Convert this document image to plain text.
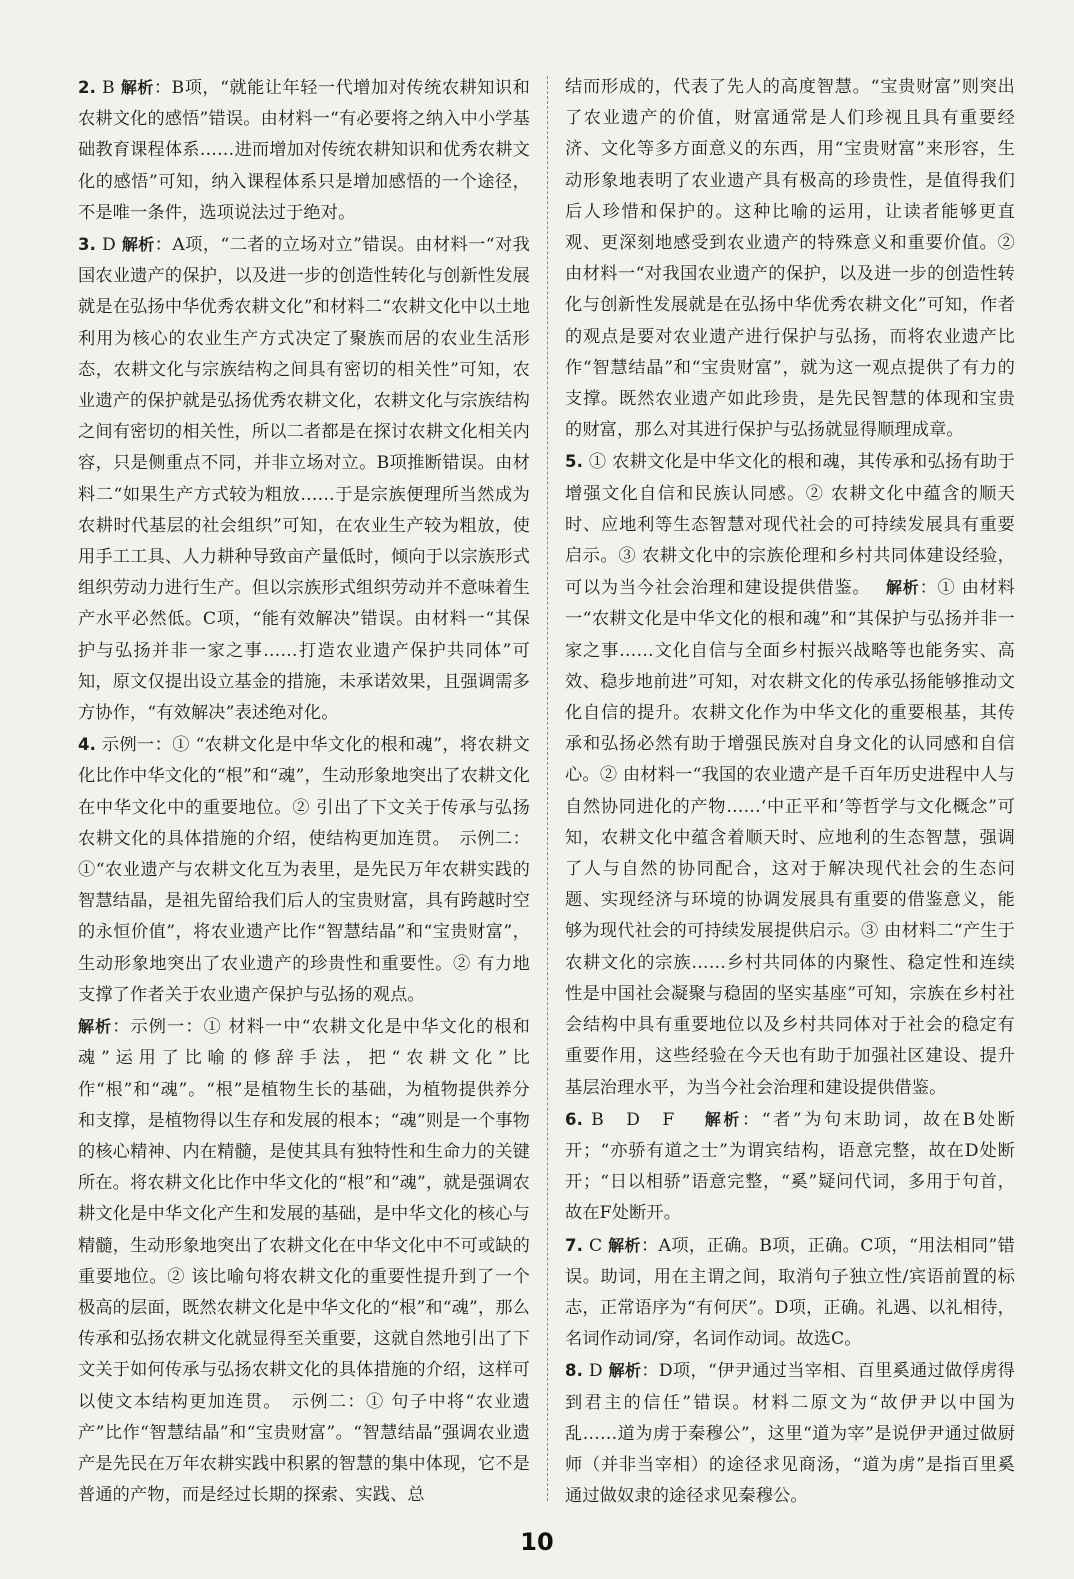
2. B 解析：B项，“就能让年轻一代增加对传统农耕知识和农耕文化的感悟”错误。由材料一“有必要将之纳入中小学基础教育课程体系……进而增加对传统农耕知识和优秀农耕文化的感悟”可知，纳入课程体系只是增加感悟的一个途径，不是唯一条件，选项说法过于绝对。

3. D 解析：A项，“二者的立场对立”错误。由材料一“对我国农业遗产的保护，以及进一步的创造性转化与创新性发展就是在弘扬中华优秀农耕文化”和材料二“农耕文化中以土地利用为核心的农业生产方式决定了聚族而居的农业生活形态，农耕文化与宗族结构之间具有密切的相关性”可知，农业遗产的保护就是弘扬优秀农耕文化，农耕文化与宗族结构之间有密切的相关性，所以二者都是在探讨农耕文化相关内容，只是侧重点不同，并非立场对立。B项推断错误。由材料二“如果生产方式较为粗放……于是宗族便理所当然成为农耕时代基层的社会组织”可知，在农业生产较为粗放，使用手工工具、人力耕种导致亩产量低时，倾向于以宗族形式组织劳动力进行生产。但以宗族形式组织劳动并不意味着生产水平必然低。C项，“能有效解决”错误。由材料一“其保护与弘扬并非一家之事……打造农业遗产保护共同体”可知，原文仅提出设立基金的措施，未承诺效果，且强调需多方协作，“有效解决”表述绝对化。

4. 示例一：① “农耕文化是中华文化的根和魂”，将农耕文化比作中华文化的“根”和“魂”，生动形象地突出了农耕文化在中华文化中的重要地位。② 引出了下文关于传承与弘扬农耕文化的具体措施的介绍，使结构更加连贯。　示例二：①“农业遗产与农耕文化互为表里，是先民万年农耕实践的智慧结晶，是祖先留给我们后人的宝贵财富，具有跨越时空的永恒价值”，将农业遗产比作“智慧结晶”和“宝贵财富”，生动形象地突出了农业遗产的珍贵性和重要性。② 有力地支撑了作者关于农业遗产保护与弘扬的观点。

解析：示例一：① 材料一中“农耕文化是中华文化的根和魂”运用了比喻的修辞手法，把“农耕文化”比作“根”和“魂”。“根”是植物生长的基础，为植物提供养分和支撑，是植物得以生存和发展的根本；“魂”则是一个事物的核心精神、内在精髓，是使其具有独特性和生命力的关键所在。将农耕文化比作中华文化的“根”和“魂”，就是强调农耕文化是中华文化产生和发展的基础，是中华文化的核心与精髓，生动形象地突出了农耕文化在中华文化中不可或缺的重要地位。② 该比喻句将农耕文化的重要性提升到了一个极高的层面，既然农耕文化是中华文化的“根”和“魂”，那么传承和弘扬农耕文化就显得至关重要，这就自然地引出了下文关于如何传承与弘扬农耕文化的具体措施的介绍，这样可以使文本结构更加连贯。　示例二：① 句子中将“农业遗产”比作“智慧结晶”和“宝贵财富”。“智慧结晶”强调农业遗产是先民在万年农耕实践中积累的智慧的集中体现，它不是普通的产物，而是经过长期的探索、实践、总

结而形成的，代表了先人的高度智慧。“宝贵财富”则突出了农业遗产的价值，财富通常是人们珍视且具有重要经济、文化等多方面意义的东西，用“宝贵财富”来形容，生动形象地表明了农业遗产具有极高的珍贵性，是值得我们后人珍惜和保护的。这种比喻的运用，让读者能够更直观、更深刻地感受到农业遗产的特殊意义和重要价值。② 由材料一“对我国农业遗产的保护，以及进一步的创造性转化与创新性发展就是在弘扬中华优秀农耕文化”可知，作者的观点是要对农业遗产进行保护与弘扬，而将农业遗产比作“智慧结晶”和“宝贵财富”，就为这一观点提供了有力的支撑。既然农业遗产如此珍贵，是先民智慧的体现和宝贵的财富，那么对其进行保护与弘扬就显得顺理成章。

5. ① 农耕文化是中华文化的根和魂，其传承和弘扬有助于增强文化自信和民族认同感。② 农耕文化中蕴含的顺天时、应地利等生态智慧对现代社会的可持续发展具有重要启示。③ 农耕文化中的宗族伦理和乡村共同体建设经验，可以为当今社会治理和建设提供借鉴。　 解析：① 由材料一“农耕文化是中华文化的根和魂”和“其保护与弘扬并非一家之事……文化自信与全面乡村振兴战略等也能务实、高效、稳步地前进”可知，对农耕文化的传承弘扬能够推动文化自信的提升。农耕文化作为中华文化的重要根基，其传承和弘扬必然有助于增强民族对自身文化的认同感和自信心。② 由材料一“我国的农业遗产是千百年历史进程中人与自然协同进化的产物……‘中正平和’等哲学与文化概念”可知，农耕文化中蕴含着顺天时、应地利的生态智慧，强调了人与自然的协同配合，这对于解决现代社会的生态问题、实现经济与环境的协调发展具有重要的借鉴意义，能够为现代社会的可持续发展提供启示。③ 由材料二“产生于农耕文化的宗族……乡村共同体的内聚性、稳定性和连续性是中国社会凝聚与稳固的坚实基座”可知，宗族在乡村社会结构中具有重要地位以及乡村共同体对于社会的稳定有重要作用，这些经验在今天也有助于加强社区建设、提升基层治理水平，为当今社会治理和建设提供借鉴。

6. B　D　F　 解析：“者”为句末助词，故在B处断开；“亦骄有道之士”为谓宾结构，语意完整，故在D处断开；“日以相骄”语意完整，“奚”疑问代词，多用于句首，故在F处断开。

7. C 解析：A项，正确。B项，正确。C项，“用法相同”错误。助词，用在主谓之间，取消句子独立性/宾语前置的标志，正常语序为“有何厌”。D项，正确。礼遇、以礼相待，名词作动词/穿，名词作动词。故选C。

8. D 解析：D项，“伊尹通过当宰相、百里奚通过做俘虏得到君主的信任”错误。材料二原文为“故伊尹以中国为乱……道为虏于秦穆公”，这里“道为宰”是说伊尹通过做厨师（并非当宰相）的途径求见商汤，“道为虏”是指百里奚通过做奴隶的途径求见秦穆公。

10
